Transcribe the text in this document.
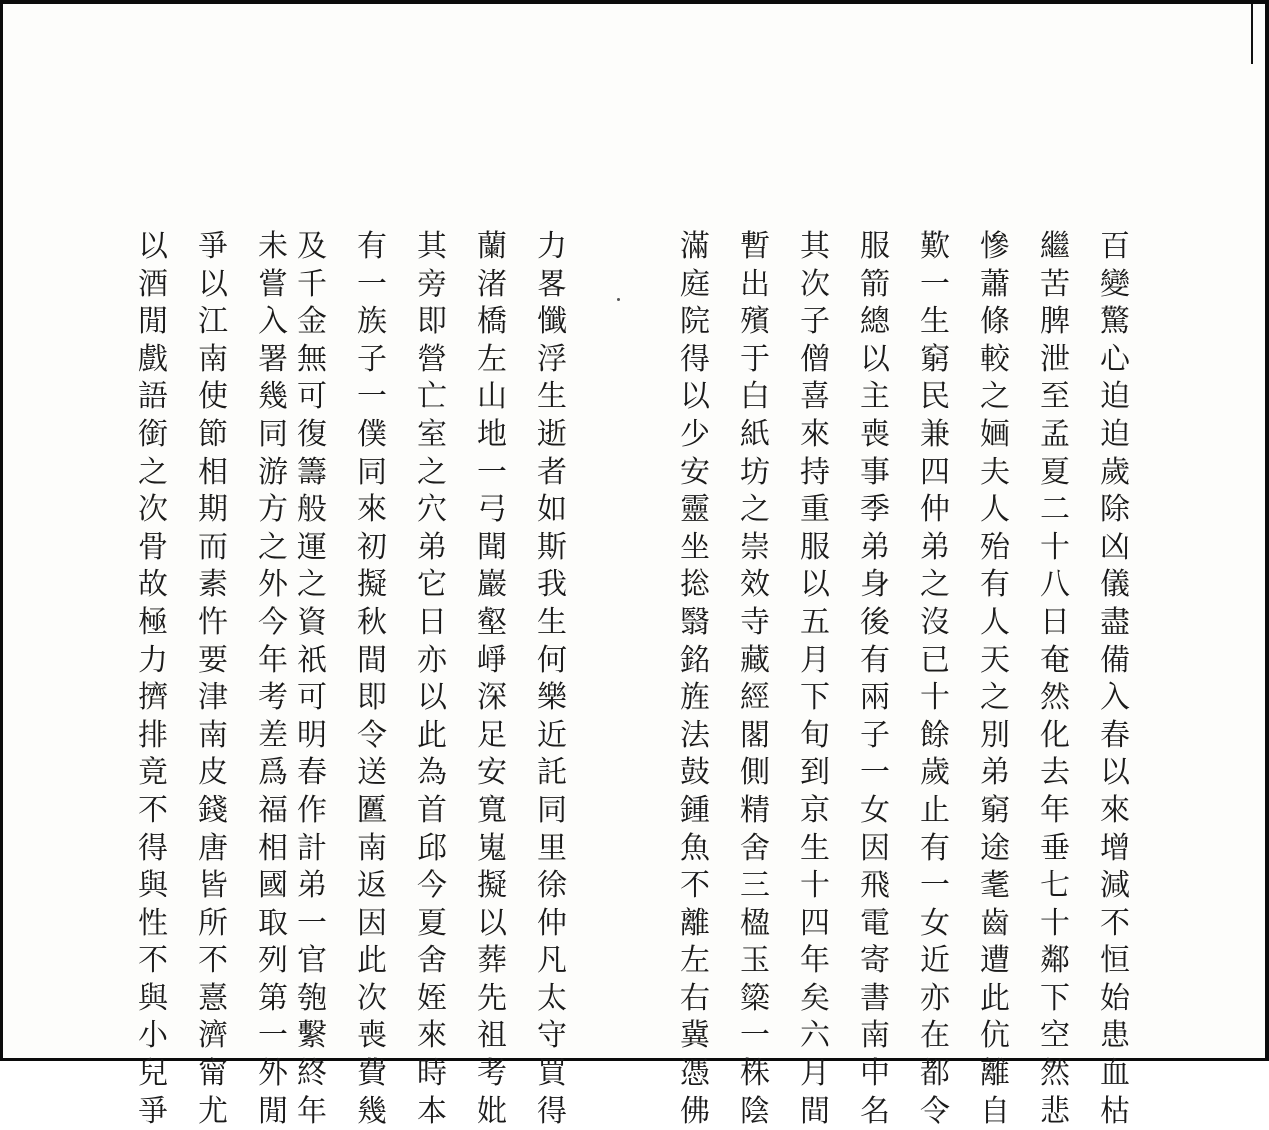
百變驚心迫迫歲除凶儀盡備入春以來增減不恒始患血枯
繼苦脾泄至孟夏二十八日奄然化去年垂七十鄰下空然悲
慘蕭條較之婳夫人殆有人天之別弟窮途耄齒遭此伉離自
歎一生窮民兼四仲弟之沒已十餘歲止有一女近亦在都令
服箭總以主喪事季弟身後有兩子一女因飛電寄書南中名
其次子僧喜來持重服以五月下旬到京生十四年矣六月間
暫出殯于白紙坊之崇效寺藏經閣側精舍三楹玉簗一株陰
滿庭院得以少安靈坐捴翳銘旌法鼓鍾魚不離左右冀憑佛
力畧懺浮生逝者如斯我生何樂近託同里徐仲凡太守買得
蘭渚橋左山地一弓聞巖壑崢深足安寬嵬擬以葬先祖考妣
其旁即營亡室之穴弟它日亦以此為首邱今夏舍姪來時本
有一族子一僕同來初擬秋間即令送匶南返因此次喪費幾
及千金無可復籌般運之資祇可明春作計弟一官匏繫終年
未嘗入署幾同游方之外今年考差爲福相國取列第一外閒
爭以江南使節相期而素忤要津南皮錢唐皆所不憙濟甯尤
以酒閒戲語銜之次骨故極力擠排竟不得與性不與小兒爭
